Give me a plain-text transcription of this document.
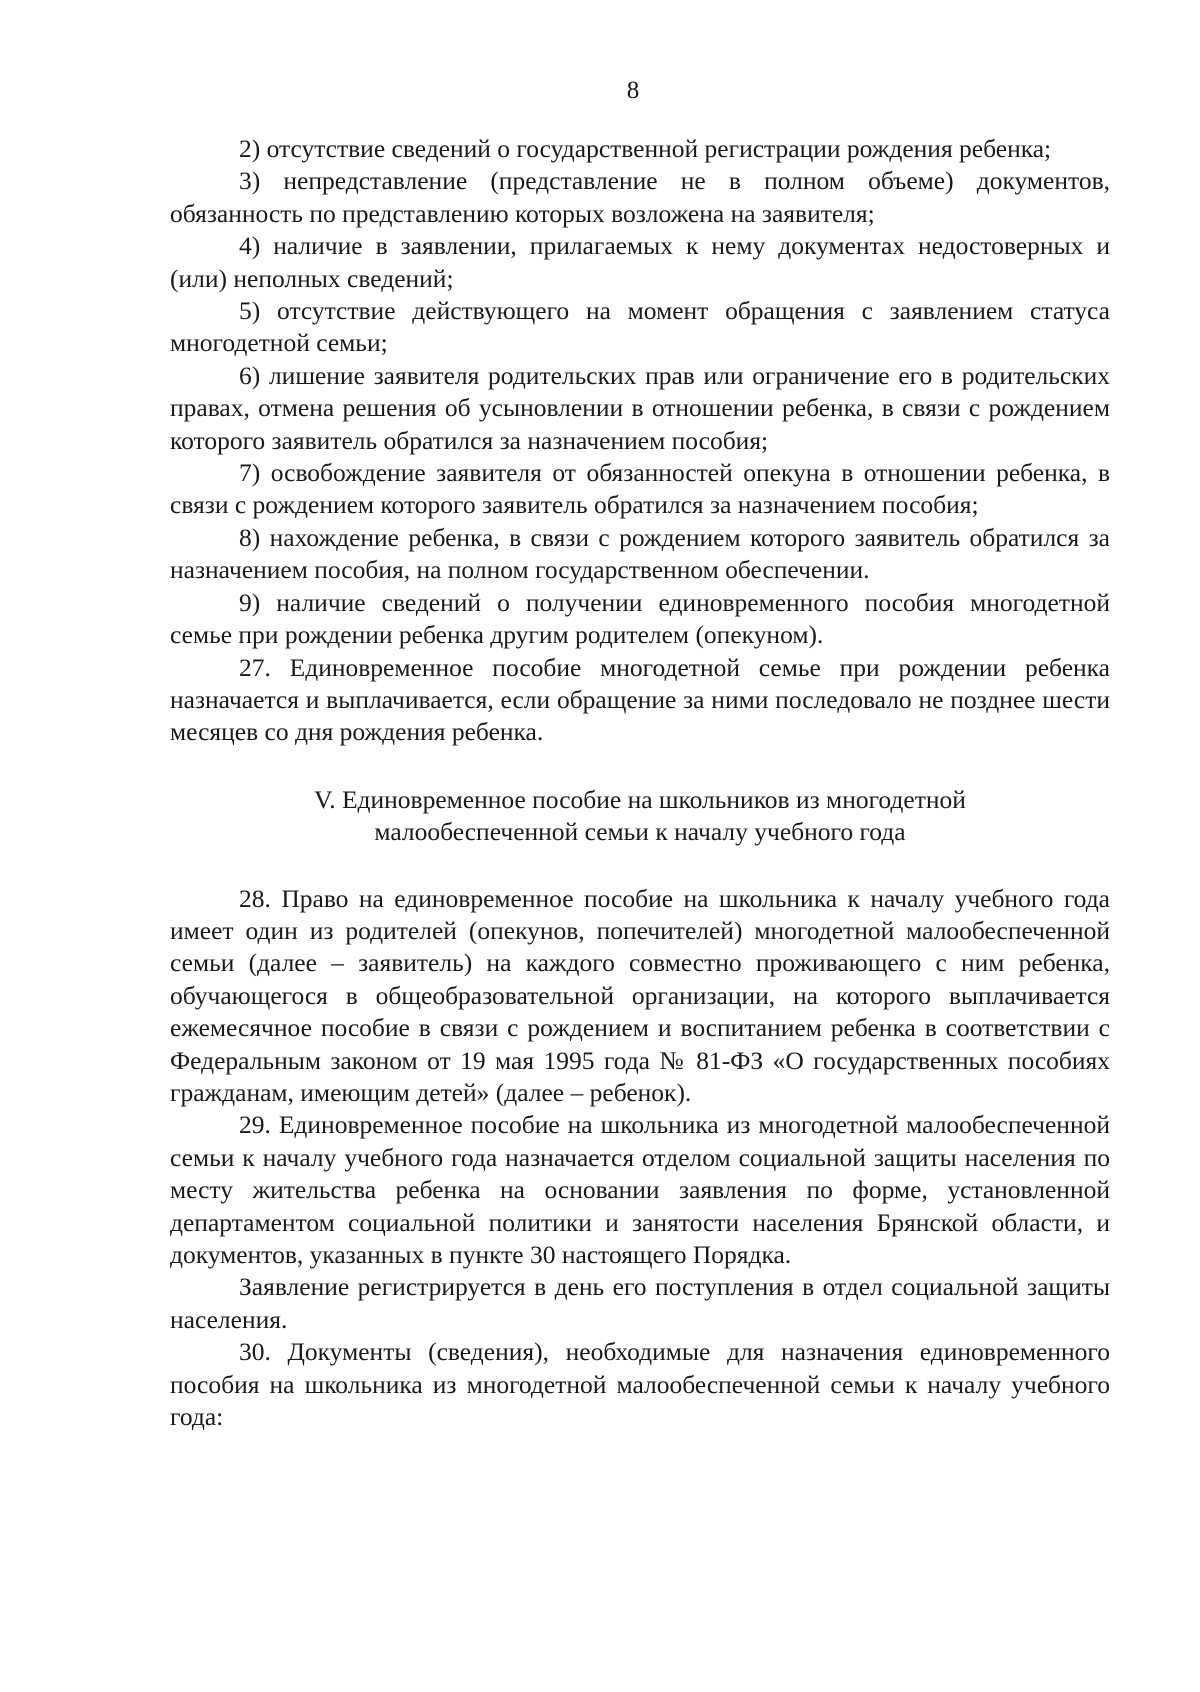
8

2) отсутствие сведений о государственной регистрации рождения ребенка;

3) непредставление (представление не в полном объеме) документов, обязанность по представлению которых возложена на заявителя;

4) наличие в заявлении, прилагаемых к нему документах недостоверных и (или) неполных сведений;

5) отсутствие действующего на момент обращения с заявлением статуса многодетной семьи;

6) лишение заявителя родительских прав или ограничение его в родительских правах, отмена решения об усыновлении в отношении ребенка, в связи с рождением которого заявитель обратился за назначением пособия;

7) освобождение заявителя от обязанностей опекуна в отношении ребенка, в связи с рождением которого заявитель обратился за назначением пособия;

8) нахождение ребенка, в связи с рождением которого заявитель обратился за назначением пособия, на полном государственном обеспечении.

9) наличие сведений о получении единовременного пособия многодетной семье при рождении ребенка другим родителем (опекуном).

27. Единовременное пособие многодетной семье при рождении ребенка назначается и выплачивается, если обращение за ними последовало не позднее шести месяцев со дня рождения ребенка.

V. Единовременное пособие на школьников из многодетной
малообеспеченной семьи к началу учебного года

28. Право на единовременное пособие на школьника к началу учебного года имеет один из родителей (опекунов, попечителей) многодетной малообеспеченной семьи (далее – заявитель) на каждого совместно проживающего с ним ребенка, обучающегося в общеобразовательной организации, на которого выплачивается ежемесячное пособие в связи с рождением и воспитанием ребенка в соответствии с Федеральным законом от 19 мая 1995 года № 81-ФЗ «О государственных пособиях гражданам, имеющим детей» (далее – ребенок).

29. Единовременное пособие на школьника из многодетной малообеспеченной семьи к началу учебного года назначается отделом социальной защиты населения по месту жительства ребенка на основании заявления по форме, установленной департаментом социальной политики и занятости населения Брянской области, и документов, указанных в пункте 30 настоящего Порядка.

Заявление регистрируется в день его поступления в отдел социальной защиты населения.

30. Документы (сведения), необходимые для назначения единовременного пособия на школьника из многодетной малообеспеченной семьи к началу учебного года:
